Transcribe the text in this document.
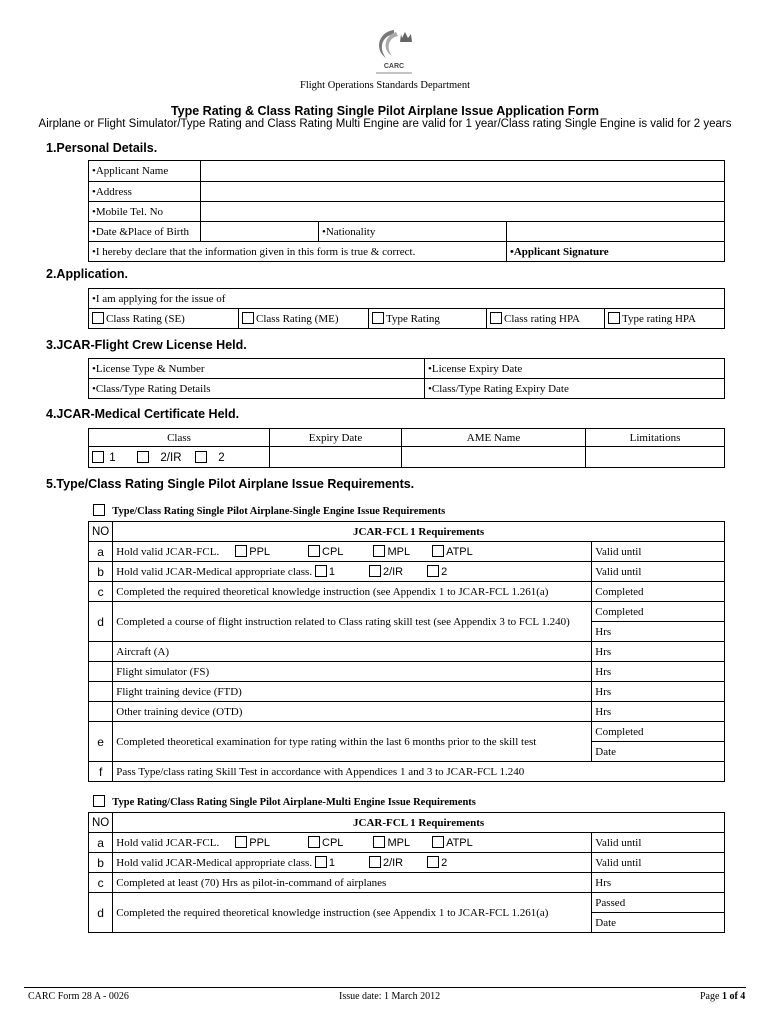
CARC
Flight Operations Standards Department
Type Rating & Class Rating Single Pilot Airplane Issue Application Form
Airplane or Flight Simulator/Type Rating and Class Rating Multi Engine are valid for 1 year/Class rating Single Engine is valid for 2 years
1.Personal Details.
•Applicant Name			
•Address			
•Mobile Tel. No			
•Date &Place of Birth		•Nationality	
•I hereby declare that the information given in this form is true & correct.			•Applicant Signature
2.Application.
•I am applying for the issue of
Class Rating (SE)	Class Rating (ME)	Type Rating	Class rating HPA	Type rating HPA
3.JCAR-Flight Crew License Held.
•License Type & Number	•License Expiry Date
•Class/Type Rating Details	•Class/Type Rating Expiry Date
4.JCAR-Medical Certificate Held.
Class	Expiry Date	AME Name	Limitations
1 2/IR 2			
5.Type/Class Rating Single Pilot Airplane Issue Requirements.
Type/Class Rating Single Pilot Airplane-Single Engine Issue Requirements
NO	JCAR-FCL 1 Requirements	
a	Hold valid JCAR-FCL. PPL CPL MPL ATPL	Valid until
b	Hold valid JCAR-Medical appropriate class. 1 2/IR 2	Valid until
c	Completed the required theoretical knowledge instruction (see Appendix 1 to JCAR-FCL 1.261(a)	Completed
d	Completed a course of flight instruction related to Class rating skill test (see Appendix 3 to FCL 1.240)	Completed
		Hrs
	Aircraft (A)	Hrs
	Flight simulator (FS)	Hrs
	Flight training device (FTD)	Hrs
	Other training device (OTD)	Hrs
e	Completed theoretical examination for type rating within the last 6 months prior to the skill test	Completed
		Date
f	Pass Type/class rating Skill Test in accordance with Appendices 1 and 3 to JCAR-FCL 1.240	
Type Rating/Class Rating Single Pilot Airplane-Multi Engine Issue Requirements
NO	JCAR-FCL 1 Requirements	
a	Hold valid JCAR-FCL. PPL CPL MPL ATPL	Valid until
b	Hold valid JCAR-Medical appropriate class. 1 2/IR 2	Valid until
c	Completed at least (70) Hrs as pilot-in-command of airplanes	Hrs
d	Completed the required theoretical knowledge instruction (see Appendix 1 to JCAR-FCL 1.261(a)	Passed
		Date
CARC Form 28 A - 0026	Issue date: 1 March 2012	Page 1 of 4
